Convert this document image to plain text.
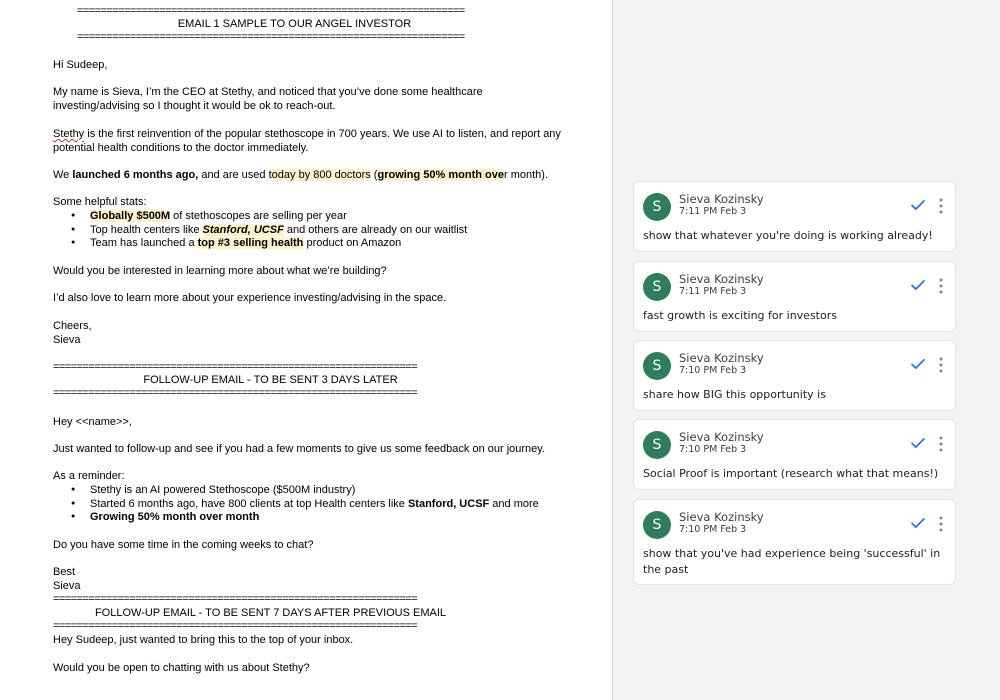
==================================================================
EMAIL 1 SAMPLE TO OUR ANGEL INVESTOR
==================================================================
Hi Sudeep,
My name is Sieva, I’m the CEO at Stethy, and noticed that you’ve done some healthcare
investing/advising so I thought it would be ok to reach-out.
Stethy is the first reinvention of the popular stethoscope in 700 years. We use AI to listen, and report any
potential health conditions to the doctor immediately.
We launched 6 months ago, and are used today by 800 doctors (growing 50% month over month).
Some helpful stats:
● Globally $500M of stethoscopes are selling per year
● Top health centers like Stanford, UCSF and others are already on our waitlist
● Team has launched a top #3 selling health product on Amazon
Would you be interested in learning more about what we’re building?
I’d also love to learn more about your experience investing/advising in the space.
Cheers,
Sieva
==============================================================
FOLLOW-UP EMAIL - TO BE SENT 3 DAYS LATER
==============================================================
Hey <<name>>,
Just wanted to follow-up and see if you had a few moments to give us some feedback on our journey.
As a reminder:
● Stethy is an AI powered Stethoscope ($500M industry)
● Started 6 months ago, have 800 clients at top Health centers like Stanford, UCSF and more
● Growing 50% month over month
Do you have some time in the coming weeks to chat?
Best
Sieva
==============================================================
FOLLOW-UP EMAIL - TO BE SENT 7 DAYS AFTER PREVIOUS EMAIL
==============================================================
Hey Sudeep, just wanted to bring this to the top of your inbox.
Would you be open to chatting with us about Stethy?
S	Sieva Kozinsky
7:11 PM Feb 3
show that whatever you're doing is working already!
S	Sieva Kozinsky
7:11 PM Feb 3
fast growth is exciting for investors
S	Sieva Kozinsky
7:10 PM Feb 3
share how BIG this opportunity is
S	Sieva Kozinsky
7:10 PM Feb 3
Social Proof is important (research what that means!)
S	Sieva Kozinsky
7:10 PM Feb 3
show that you've had experience being 'successful' in the past
